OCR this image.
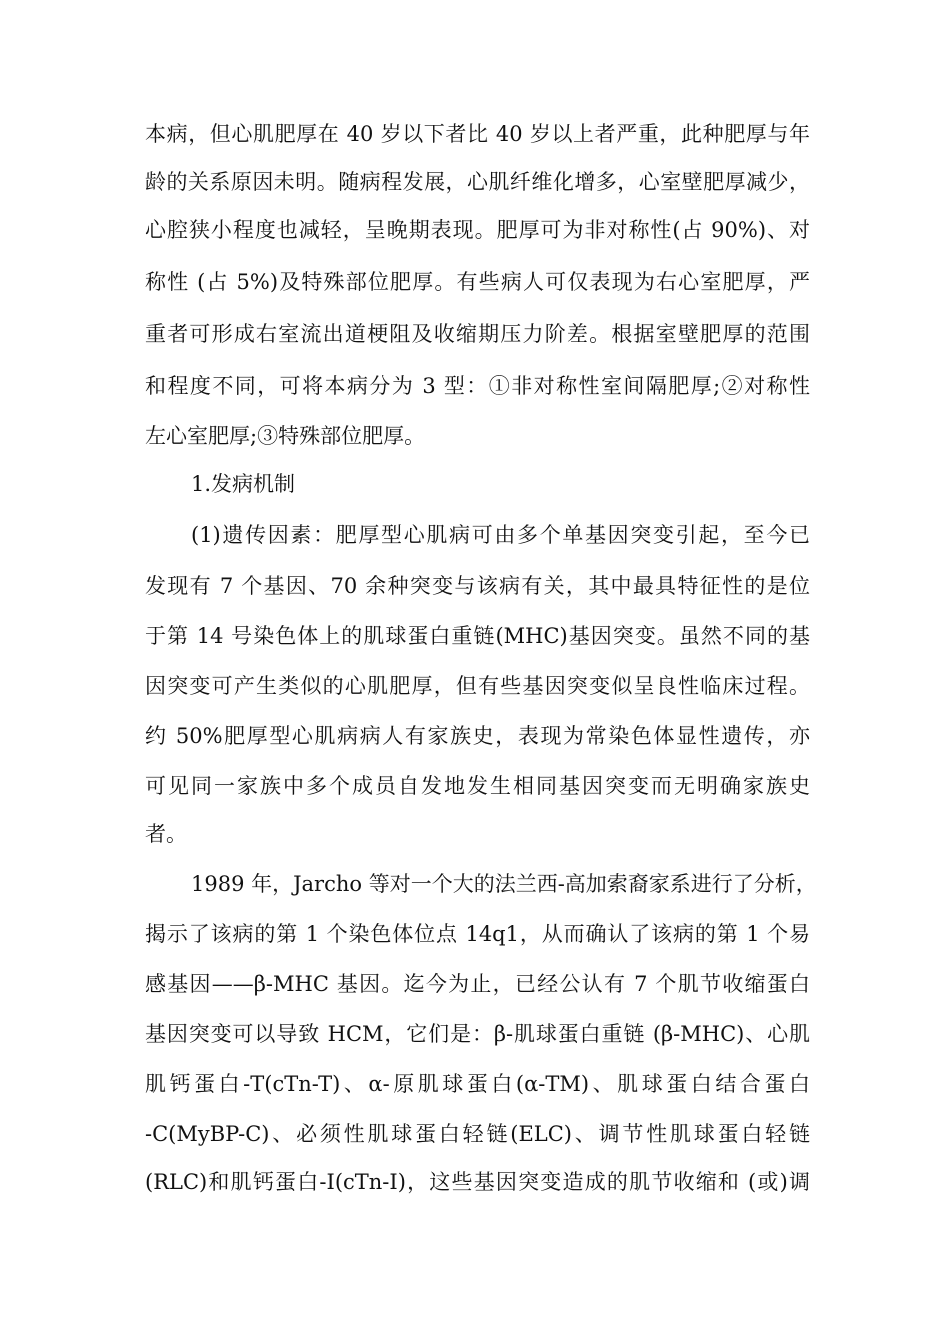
本病，但心肌肥厚在 40 岁以下者比 40 岁以上者严重，此种肥厚与年
龄的关系原因未明。随病程发展，心肌纤维化增多，心室壁肥厚减少，
心腔狭小程度也减轻，呈晚期表现。肥厚可为非对称性(占 90%)、对
称性 (占 5%)及特殊部位肥厚。有些病人可仅表现为右心室肥厚，严
重者可形成右室流出道梗阻及收缩期压力阶差。根据室壁肥厚的范围
和程度不同，可将本病分为 3 型：①非对称性室间隔肥厚;②对称性
左心室肥厚;③特殊部位肥厚。
1.发病机制
(1)遗传因素：肥厚型心肌病可由多个单基因突变引起，至今已
发现有 7 个基因、70 余种突变与该病有关，其中最具特征性的是位
于第 14 号染色体上的肌球蛋白重链(MHC)基因突变。虽然不同的基
因突变可产生类似的心肌肥厚，但有些基因突变似呈良性临床过程。
约 50%肥厚型心肌病病人有家族史，表现为常染色体显性遗传，亦
可见同一家族中多个成员自发地发生相同基因突变而无明确家族史
者。
1989 年，Jarcho 等对一个大的法兰西-高加索裔家系进行了分析，
揭示了该病的第 1 个染色体位点 14q1，从而确认了该病的第 1 个易
感基因——β-MHC 基因。迄今为止，已经公认有 7 个肌节收缩蛋白
基因突变可以导致 HCM，它们是：β-肌球蛋白重链 (β-MHC)、心肌
肌钙蛋白-T(cTn-T)、α-原肌球蛋白(α-TM)、肌球蛋白结合蛋白
-C(MyBP-C)、必须性肌球蛋白轻链(ELC)、调节性肌球蛋白轻链
(RLC)和肌钙蛋白-I(cTn-I)，这些基因突变造成的肌节收缩和 (或)调
